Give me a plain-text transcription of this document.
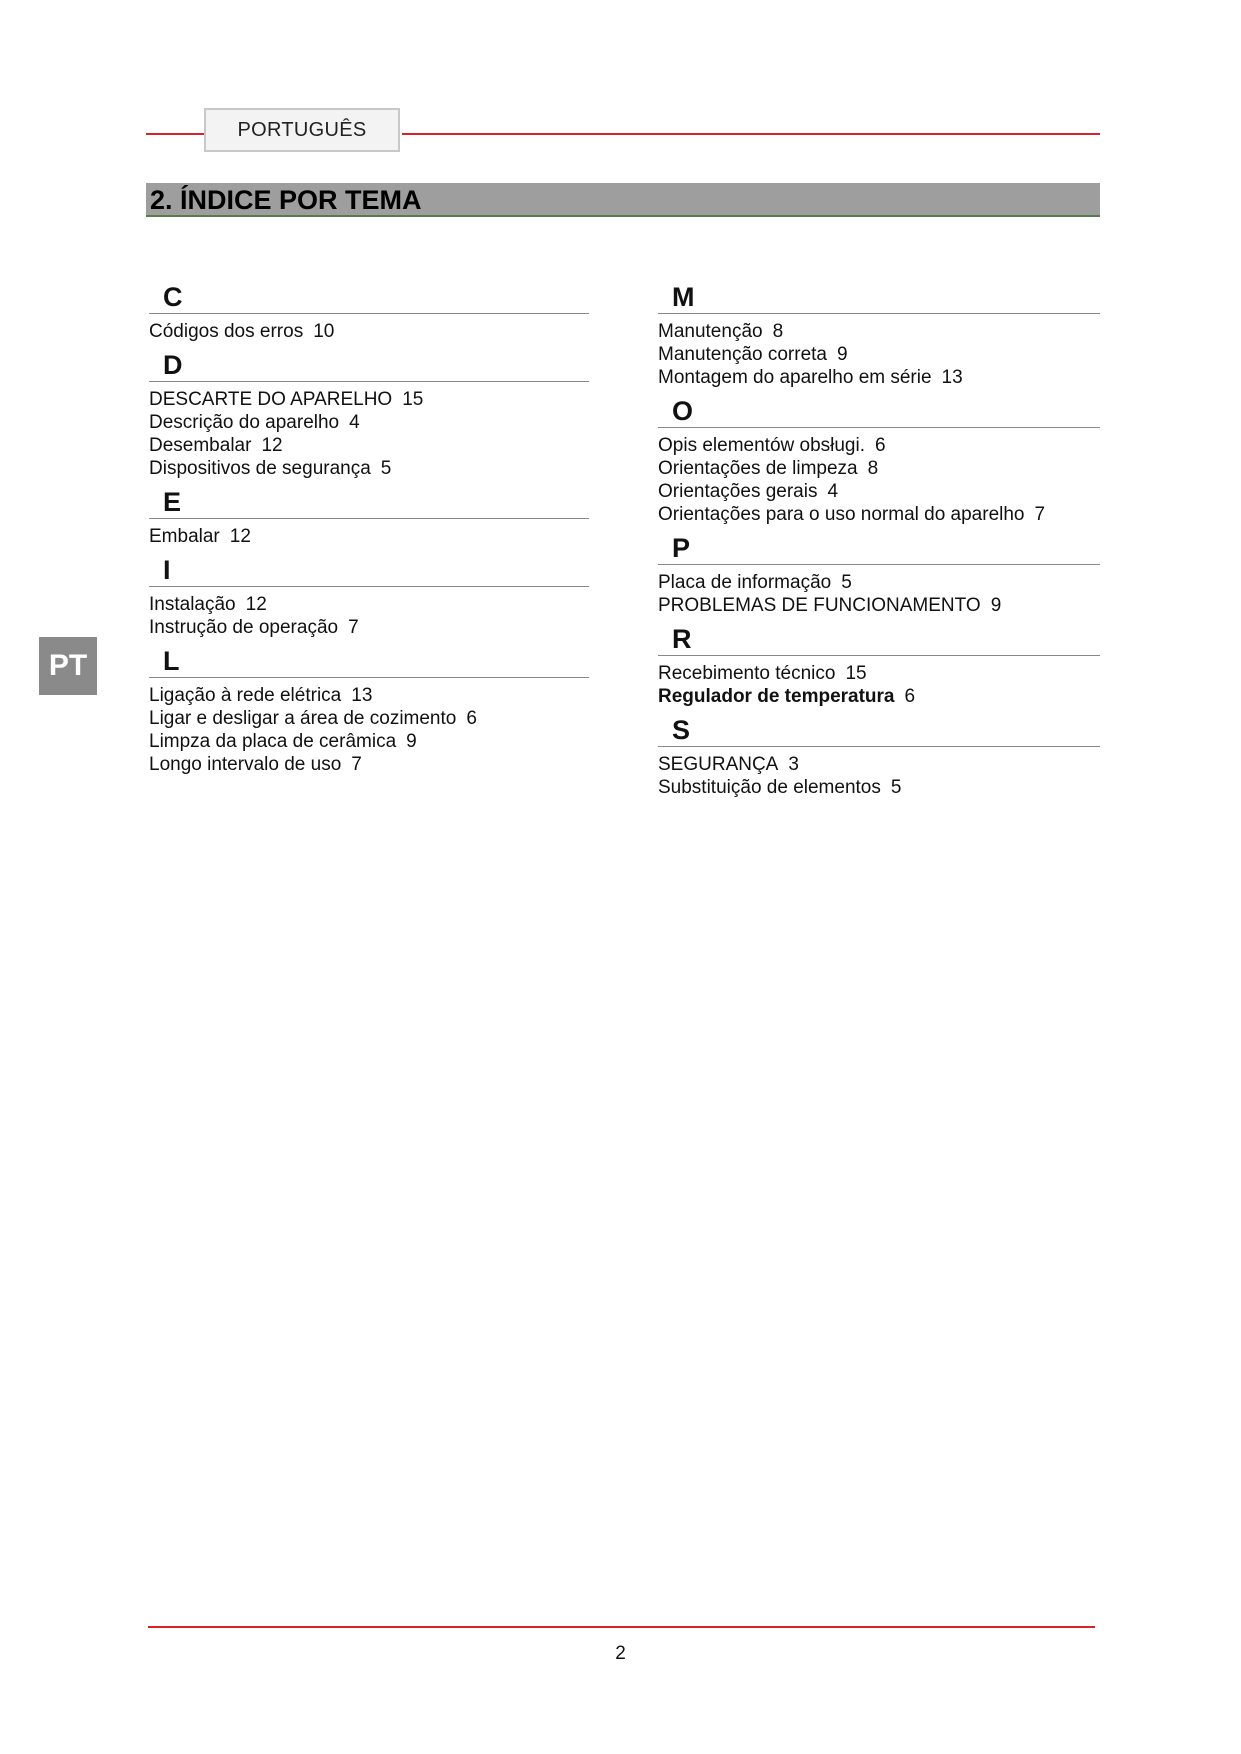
PORTUGUÊS
2. ÍNDICE POR TEMA
PT
C
Códigos dos erros 10
D
DESCARTE DO APARELHO 15
Descrição do aparelho 4
Desembalar 12
Dispositivos de segurança 5
E
Embalar 12
I
Instalação 12
Instrução de operação 7
L
Ligação à rede elétrica 13
Ligar e desligar a área de cozimento 6
Limpza da placa de cerâmica 9
Longo intervalo de uso 7
M
Manutenção 8
Manutenção correta 9
Montagem do aparelho em série 13
O
Opis elementów obsługi. 6
Orientações de limpeza 8
Orientações gerais 4
Orientações para o uso normal do aparelho 7
P
Placa de informação 5
PROBLEMAS DE FUNCIONAMENTO 9
R
Recebimento técnico 15
Regulador de temperatura 6
S
SEGURANÇA 3
Substituição de elementos 5
2
